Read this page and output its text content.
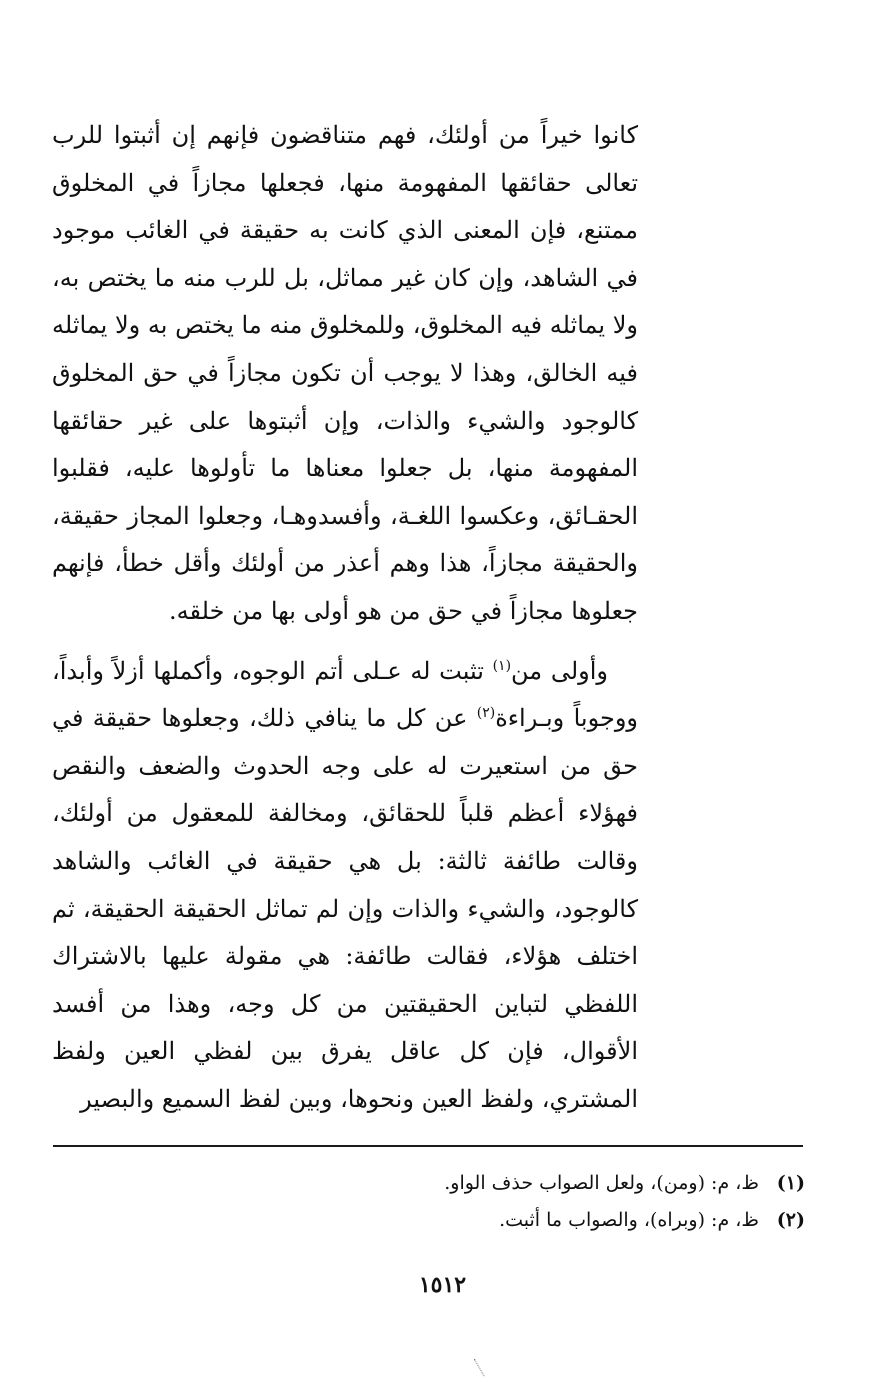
كانوا خيراً من أولئك، فهم متناقضون فإنهم إن أثبتوا للرب تعالى حقائقها المفهومة منها، فجعلها مجازاً في المخلوق ممتنع، فإن المعنى الذي كانت به حقيقة في الغائب موجود في الشاهد، وإن كان غير مماثل، بل للرب منه ما يختص به، ولا يماثله فيه المخلوق، وللمخلوق منه ما يختص به ولا يماثله فيه الخالق، وهذا لا يوجب أن تكون مجازاً في حق المخلوق كالوجود والشيء والذات، وإن أثبتوها على غير حقائقها المفهومة منها، بل جعلوا معناها ما تأولوها عليه، فقلبوا الحقـائق، وعكسوا اللغـة، وأفسدوهـا، وجعلوا المجاز حقيقة، والحقيقة مجازاً، هذا وهم أعذر من أولئك وأقل خطأ، فإنهم جعلوها مجازاً في حق من هو أولى بها من خلقه.

وأولى من$^{(١)}$ تثبت له عـلى أتم الوجوه، وأكملها أزلاً وأبداً، ووجوباً وبـراءة$^{(٢)}$ عن كل ما ينافي ذلك، وجعلوها حقيقة في حق من استعيرت له على وجه الحدوث والضعف والنقص فهؤلاء أعظم قلباً للحقائق، ومخالفة للمعقول من أولئك، وقالت طائفة ثالثة: بل هي حقيقة في الغائب والشاهد كالوجود، والشيء والذات وإن لم تماثل الحقيقة الحقيقة، ثم اختلف هؤلاء، فقالت طائفة: هي مقولة عليها بالاشتراك اللفظي لتباين الحقيقتين من كل وجه، وهذا من أفسد الأقوال، فإن كل عاقل يفرق بين لفظي العين ولفظ المشتري، ولفظ العين ونحوها، وبين لفظ السميع والبصير

(١) ظ، م: (ومن)، ولعل الصواب حذف الواو.

(٢) ظ، م: (وبراه)، والصواب ما أثبت.

١٥١٢
